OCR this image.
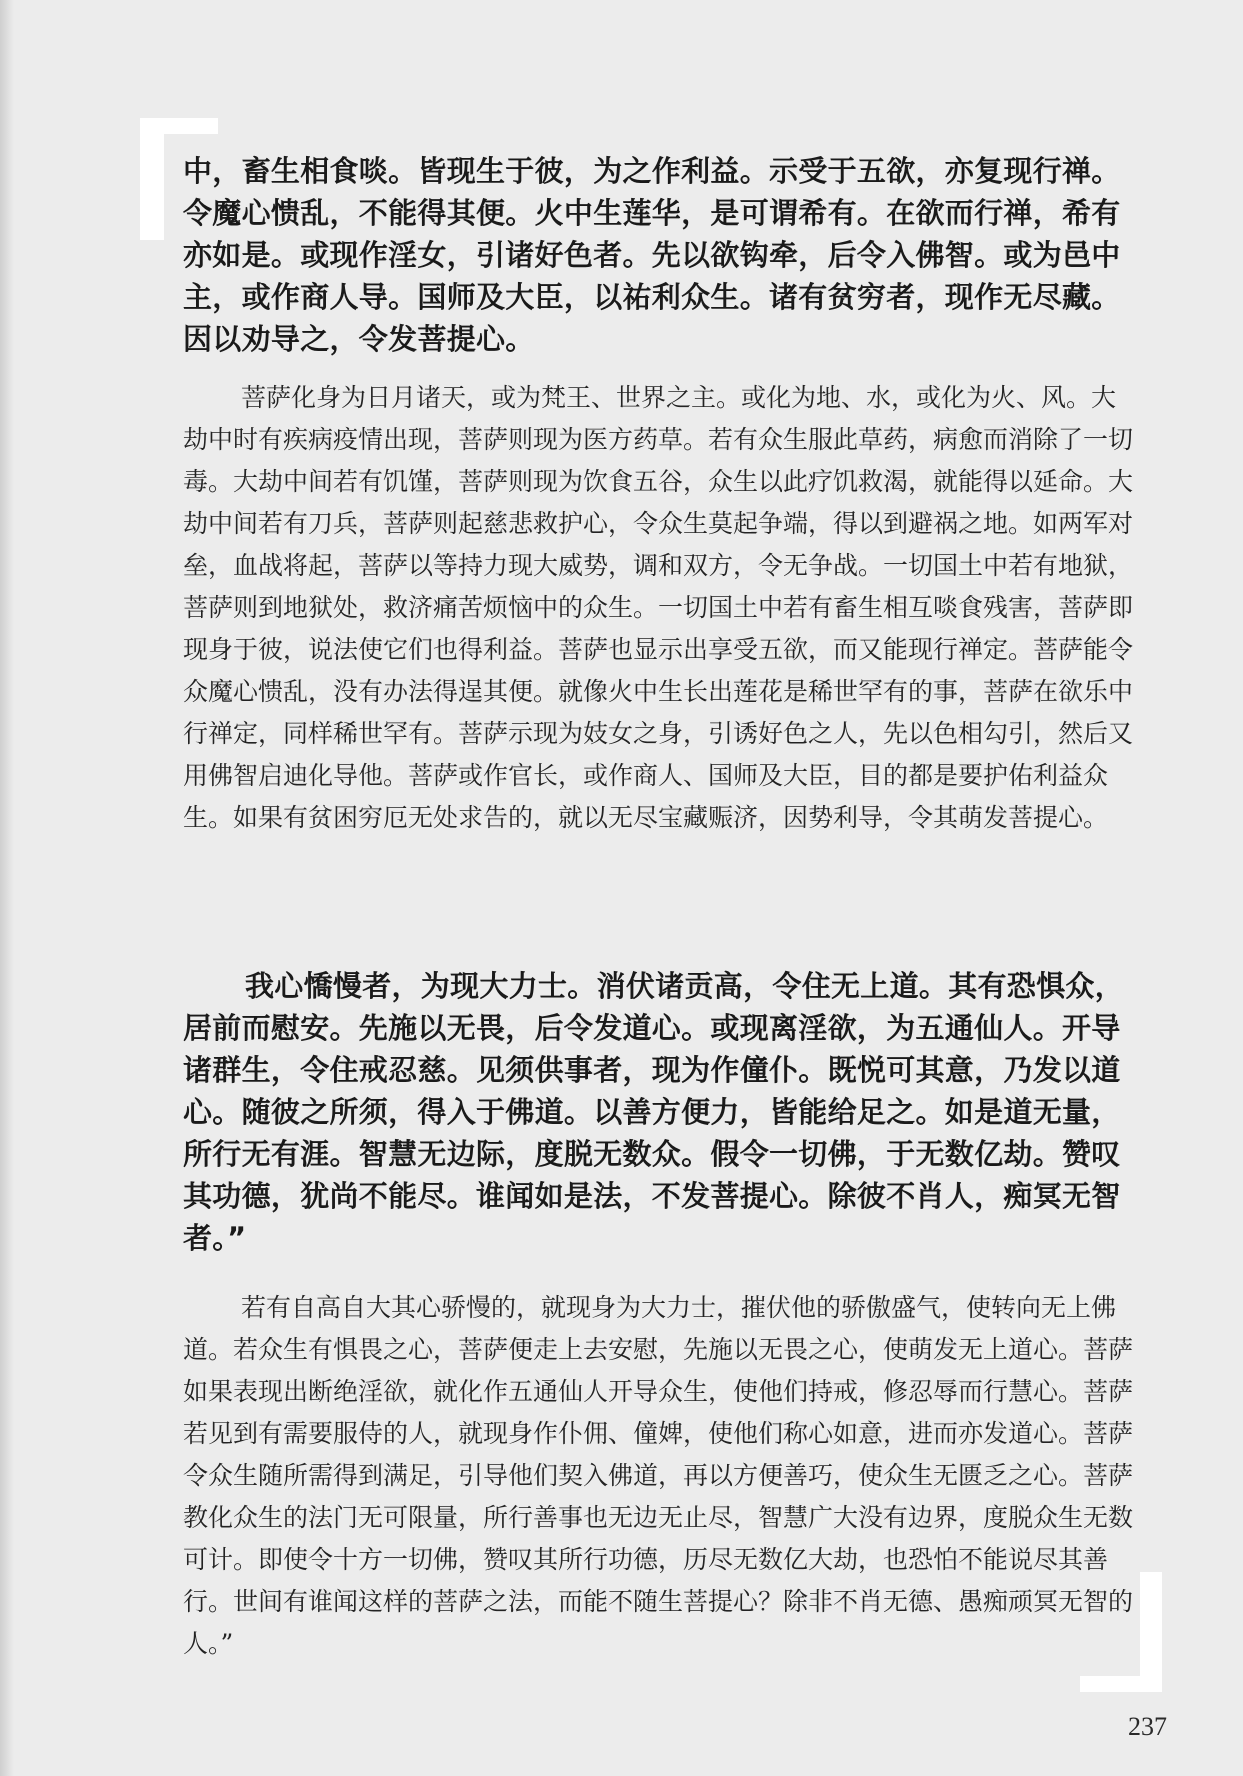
中，畜生相食啖。皆现生于彼，为之作利益。示受于五欲，亦复现行禅。令魔心愦乱，不能得其便。火中生莲华，是可谓希有。在欲而行禅，希有亦如是。或现作淫女，引诸好色者。先以欲钩牵，后令入佛智。或为邑中主，或作商人导。国师及大臣，以祐利众生。诸有贫穷者，现作无尽藏。因以劝导之，令发菩提心。

菩萨化身为日月诸天，或为梵王、世界之主。或化为地、水，或化为火、风。大劫中时有疾病疫情出现，菩萨则现为医方药草。若有众生服此草药，病愈而消除了一切毒。大劫中间若有饥馑，菩萨则现为饮食五谷，众生以此疗饥救渴，就能得以延命。大劫中间若有刀兵，菩萨则起慈悲救护心，令众生莫起争端，得以到避祸之地。如两军对垒，血战将起，菩萨以等持力现大威势，调和双方，令无争战。一切国土中若有地狱，菩萨则到地狱处，救济痛苦烦恼中的众生。一切国土中若有畜生相互啖食残害，菩萨即现身于彼，说法使它们也得利益。菩萨也显示出享受五欲，而又能现行禅定。菩萨能令众魔心愦乱，没有办法得逞其便。就像火中生长出莲花是稀世罕有的事，菩萨在欲乐中行禅定，同样稀世罕有。菩萨示现为妓女之身，引诱好色之人，先以色相勾引，然后又用佛智启迪化导他。菩萨或作官长，或作商人、国师及大臣，目的都是要护佑利益众生。如果有贫困穷厄无处求告的，就以无尽宝藏赈济，因势利导，令其萌发菩提心。

我心憍慢者，为现大力士。消伏诸贡高，令住无上道。其有恐惧众，居前而慰安。先施以无畏，后令发道心。或现离淫欲，为五通仙人。开导诸群生，令住戒忍慈。见须供事者，现为作僮仆。既悦可其意，乃发以道心。随彼之所须，得入于佛道。以善方便力，皆能给足之。如是道无量，所行无有涯。智慧无边际，度脱无数众。假令一切佛，于无数亿劫。赞叹其功德，犹尚不能尽。谁闻如是法，不发菩提心。除彼不肖人，痴冥无智者。”

若有自高自大其心骄慢的，就现身为大力士，摧伏他的骄傲盛气，使转向无上佛道。若众生有惧畏之心，菩萨便走上去安慰，先施以无畏之心，使萌发无上道心。菩萨如果表现出断绝淫欲，就化作五通仙人开导众生，使他们持戒，修忍辱而行慧心。菩萨若见到有需要服侍的人，就现身作仆佣、僮婢，使他们称心如意，进而亦发道心。菩萨令众生随所需得到满足，引导他们契入佛道，再以方便善巧，使众生无匮乏之心。菩萨教化众生的法门无可限量，所行善事也无边无止尽，智慧广大没有边界，度脱众生无数可计。即使令十方一切佛，赞叹其所行功德，历尽无数亿大劫，也恐怕不能说尽其善行。世间有谁闻这样的菩萨之法，而能不随生菩提心？除非不肖无德、愚痴顽冥无智的人。”

237
